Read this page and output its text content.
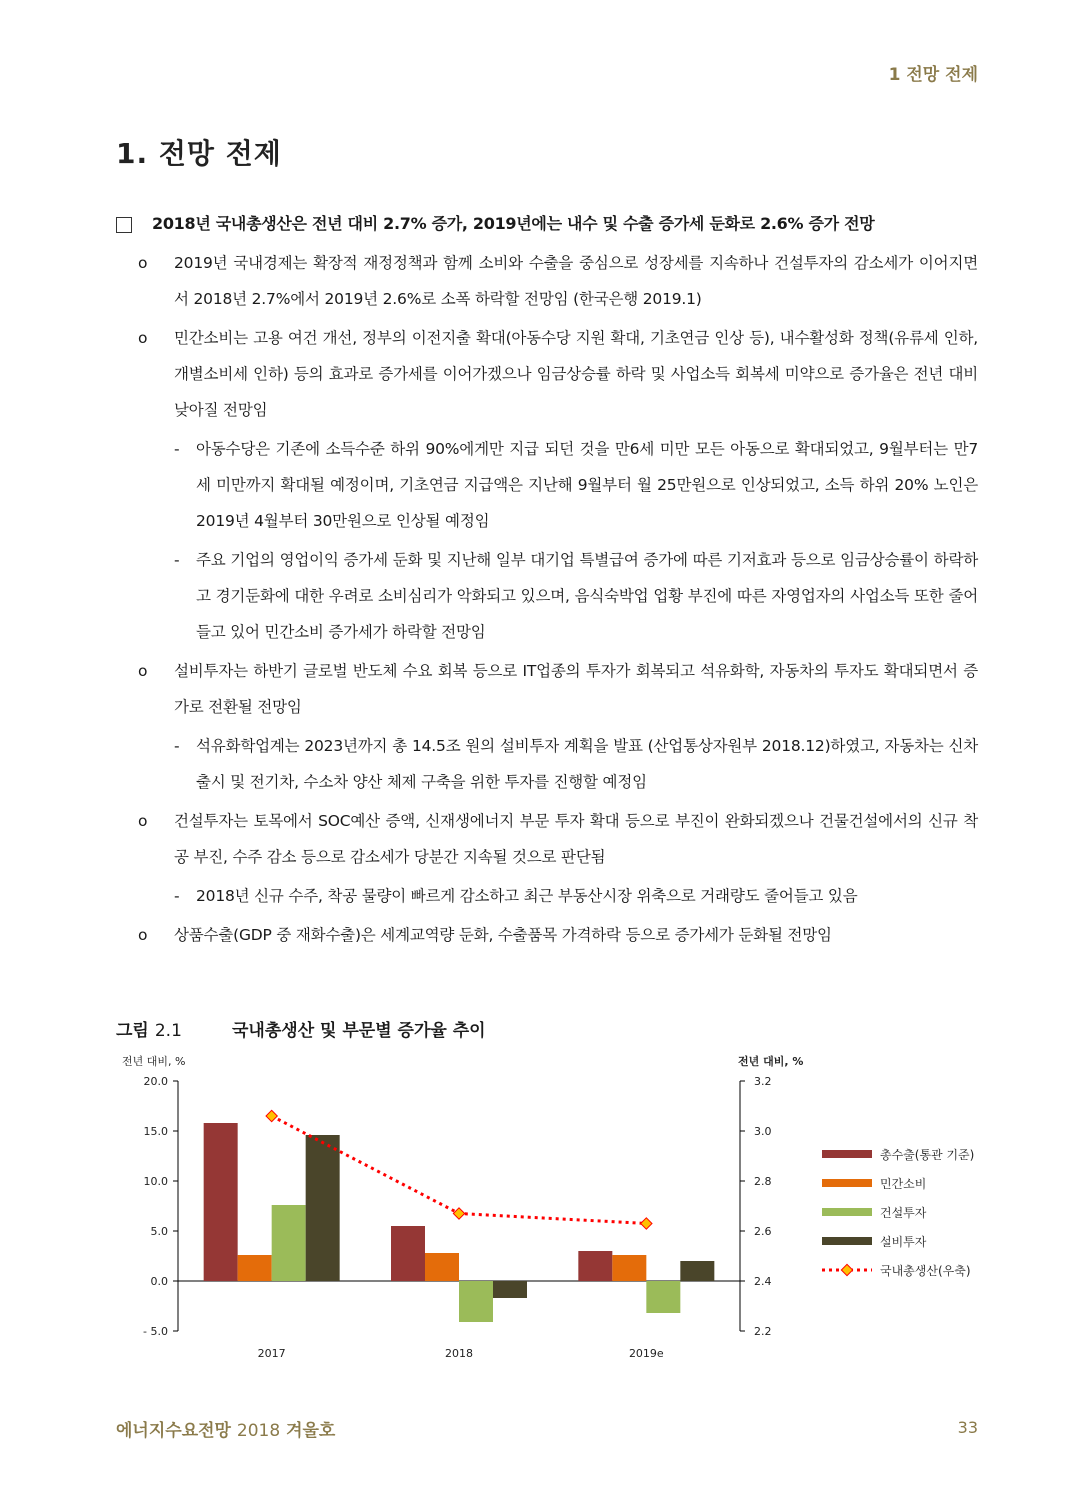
1 전망 전제
1. 전망 전제
2018년 국내총생산은 전년 대비 2.7% 증가, 2019년에는 내수 및 수출 증가세 둔화로 2.6% 증가 전망
o 2019년 국내경제는 확장적 재정정책과 함께 소비와 수출을 중심으로 성장세를 지속하나 건설투자의 감소세가 이어지면서 2018년 2.7%에서 2019년 2.6%로 소폭 하락할 전망임 (한국은행 2019.1)
o 민간소비는 고용 여건 개선, 정부의 이전지출 확대(아동수당 지원 확대, 기초연금 인상 등), 내수활성화 정책(유류세 인하, 개별소비세 인하) 등의 효과로 증가세를 이어가겠으나 임금상승률 하락 및 사업소득 회복세 미약으로 증가율은 전년 대비 낮아질 전망임
- 아동수당은 기존에 소득수준 하위 90%에게만 지급 되던 것을 만6세 미만 모든 아동으로 확대되었고, 9월부터는 만7세 미만까지 확대될 예정이며, 기초연금 지급액은 지난해 9월부터 월 25만원으로 인상되었고, 소득 하위 20% 노인은 2019년 4월부터 30만원으로 인상될 예정임
- 주요 기업의 영업이익 증가세 둔화 및 지난해 일부 대기업 특별급여 증가에 따른 기저효과 등으로 임금상승률이 하락하고 경기둔화에 대한 우려로 소비심리가 악화되고 있으며, 음식숙박업 업황 부진에 따른 자영업자의 사업소득 또한 줄어들고 있어 민간소비 증가세가 하락할 전망임
o 설비투자는 하반기 글로벌 반도체 수요 회복 등으로 IT업종의 투자가 회복되고 석유화학, 자동차의 투자도 확대되면서 증가로 전환될 전망임
- 석유화학업계는 2023년까지 총 14.5조 원의 설비투자 계획을 발표 (산업통상자원부 2018.12)하였고, 자동차는 신차출시 및 전기차, 수소차 양산 체제 구축을 위한 투자를 진행할 예정임
o 건설투자는 토목에서 SOC예산 증액, 신재생에너지 부문 투자 확대 등으로 부진이 완화되겠으나 건물건설에서의 신규 착공 부진, 수주 감소 등으로 감소세가 당분간 지속될 것으로 판단됨
- 2018년 신규 수주, 착공 물량이 빠르게 감소하고 최근 부동산시장 위축으로 거래량도 줄어들고 있음
o 상품수출(GDP 중 재화수출)은 세계교역량 둔화, 수출품목 가격하락 등으로 증가세가 둔화될 전망임
그림 2.1	국내총생산 및 부문별 증가율 추이
전년 대비, %	전년 대비, %
20.0
15.0
10.0
5.0
0.0
- 5.0
3.2
3.0
2.8
2.6
2.4
2.2
2017	2018	2019e
총수출(통관 기준)
민간소비
건설투자
설비투자
국내총생산(우축)
에너지수요전망 2018 겨울호	33
